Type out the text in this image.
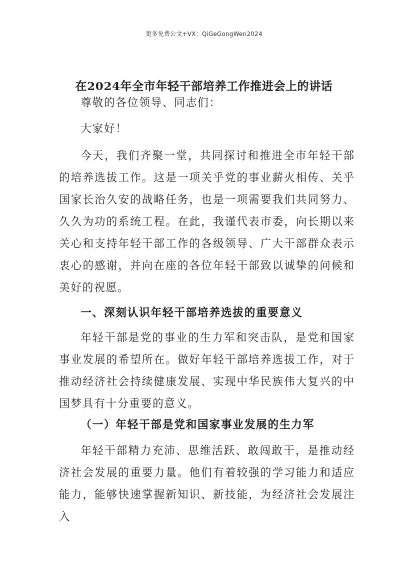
更多免费公文+VX：QiGeGongWen2024
在2024年全市年轻干部培养工作推进会上的讲话

尊敬的各位领导、同志们：

大家好！

今天，我们齐聚一堂，共同探讨和推进全市年轻干部的培养选拔工作。这是一项关乎党的事业薪火相传、关乎国家长治久安的战略任务，也是一项需要我们共同努力、久久为功的系统工程。在此，我谨代表市委，向长期以来关心和支持年轻干部工作的各级领导、广大干部群众表示衷心的感谢，并向在座的各位年轻干部致以诚挚的问候和美好的祝愿。

一、深刻认识年轻干部培养选拔的重要意义

年轻干部是党的事业的生力军和突击队，是党和国家事业发展的希望所在。做好年轻干部培养选拔工作，对于推动经济社会持续健康发展、实现中华民族伟大复兴的中国梦具有十分重要的意义。

（一）年轻干部是党和国家事业发展的生力军

年轻干部精力充沛、思维活跃、敢闯敢干，是推动经济社会发展的重要力量。他们有着较强的学习能力和适应能力，能够快速掌握新知识、新技能，为经济社会发展注入
